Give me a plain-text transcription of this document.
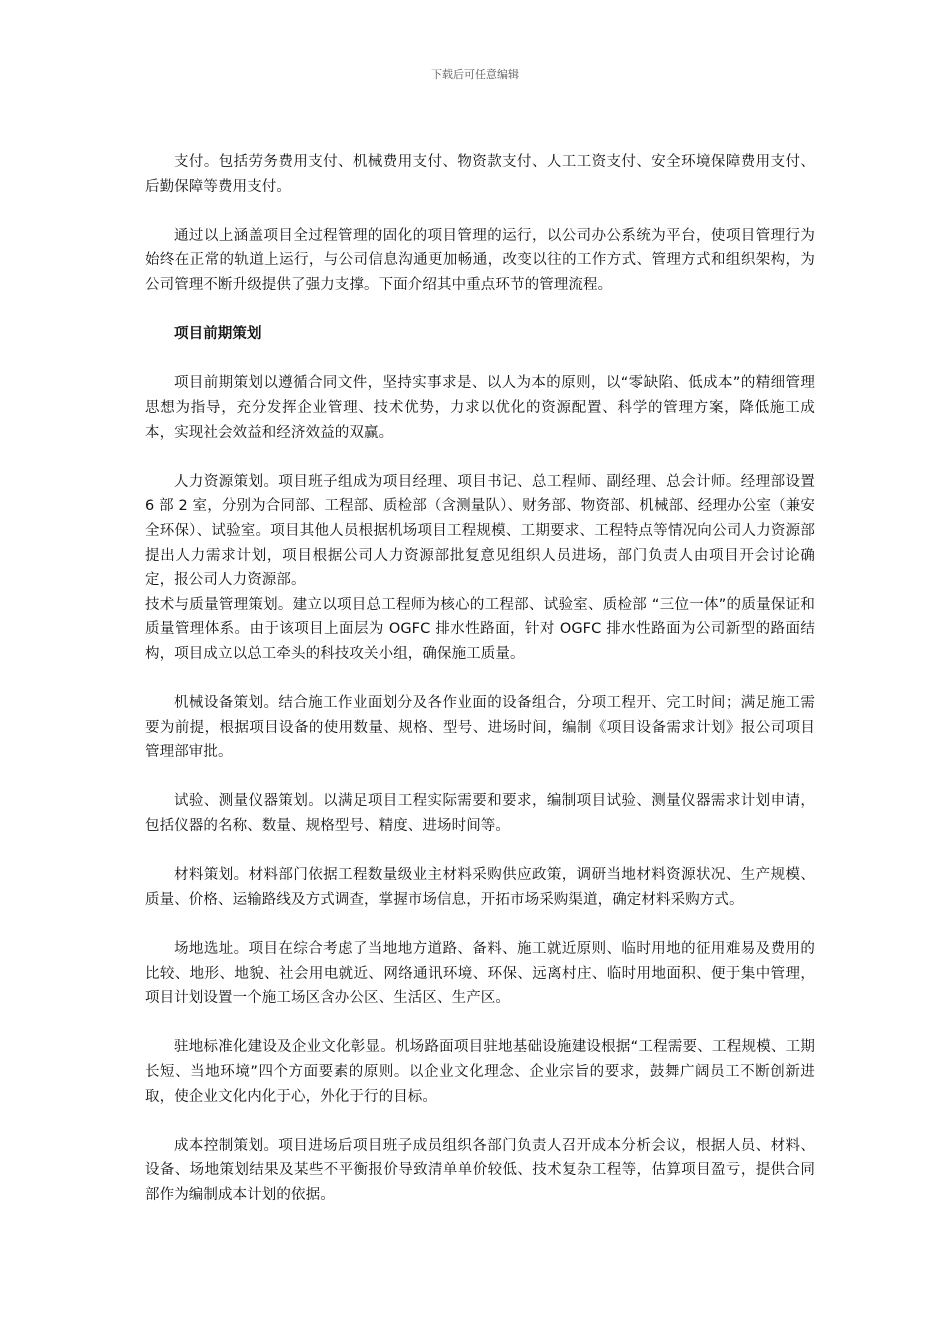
下载后可任意编辑

支付。包括劳务费用支付、机械费用支付、物资款支付、人工工资支付、安全环境保障费用支付、后勤保障等费用支付。

通过以上涵盖项目全过程管理的固化的项目管理的运行，以公司办公系统为平台，使项目管理行为始终在正常的轨道上运行，与公司信息沟通更加畅通，改变以往的工作方式、管理方式和组织架构，为公司管理不断升级提供了强力支撑。下面介绍其中重点环节的管理流程。

项目前期策划

项目前期策划以遵循合同文件，坚持实事求是、以人为本的原则，以“零缺陷、低成本”的精细管理思想为指导，充分发挥企业管理、技术优势，力求以优化的资源配置、科学的管理方案，降低施工成本，实现社会效益和经济效益的双赢。

人力资源策划。项目班子组成为项目经理、项目书记、总工程师、副经理、总会计师。经理部设置 6 部 2 室，分别为合同部、工程部、质检部（含测量队）、财务部、物资部、机械部、经理办公室（兼安全环保）、试验室。项目其他人员根据机场项目工程规模、工期要求、工程特点等情况向公司人力资源部提出人力需求计划，项目根据公司人力资源部批复意见组织人员进场，部门负责人由项目开会讨论确定，报公司人力资源部。

技术与质量管理策划。建立以项目总工程师为核心的工程部、试验室、质检部 “三位一体”的质量保证和质量管理体系。由于该项目上面层为 OGFC 排水性路面，针对 OGFC 排水性路面为公司新型的路面结构，项目成立以总工牵头的科技攻关小组，确保施工质量。

机械设备策划。结合施工作业面划分及各作业面的设备组合，分项工程开、完工时间；满足施工需要为前提，根据项目设备的使用数量、规格、型号、进场时间，编制《项目设备需求计划》报公司项目管理部审批。

试验、测量仪器策划。以满足项目工程实际需要和要求，编制项目试验、测量仪器需求计划申请，包括仪器的名称、数量、规格型号、精度、进场时间等。

材料策划。材料部门依据工程数量级业主材料采购供应政策，调研当地材料资源状况、生产规模、质量、价格、运输路线及方式调查，掌握市场信息，开拓市场采购渠道，确定材料采购方式。

场地选址。项目在综合考虑了当地地方道路、备料、施工就近原则、临时用地的征用难易及费用的比较、地形、地貌、社会用电就近、网络通讯环境、环保、远离村庄、临时用地面积、便于集中管理，项目计划设置一个施工场区含办公区、生活区、生产区。

驻地标准化建设及企业文化彰显。机场路面项目驻地基础设施建设根据“工程需要、工程规模、工期长短、当地环境”四个方面要素的原则。以企业文化理念、企业宗旨的要求，鼓舞广阔员工不断创新进取，使企业文化内化于心，外化于行的目标。

成本控制策划。项目进场后项目班子成员组织各部门负责人召开成本分析会议，根据人员、材料、设备、场地策划结果及某些不平衡报价导致清单单价较低、技术复杂工程等，估算项目盈亏，提供合同部作为编制成本计划的依据。
